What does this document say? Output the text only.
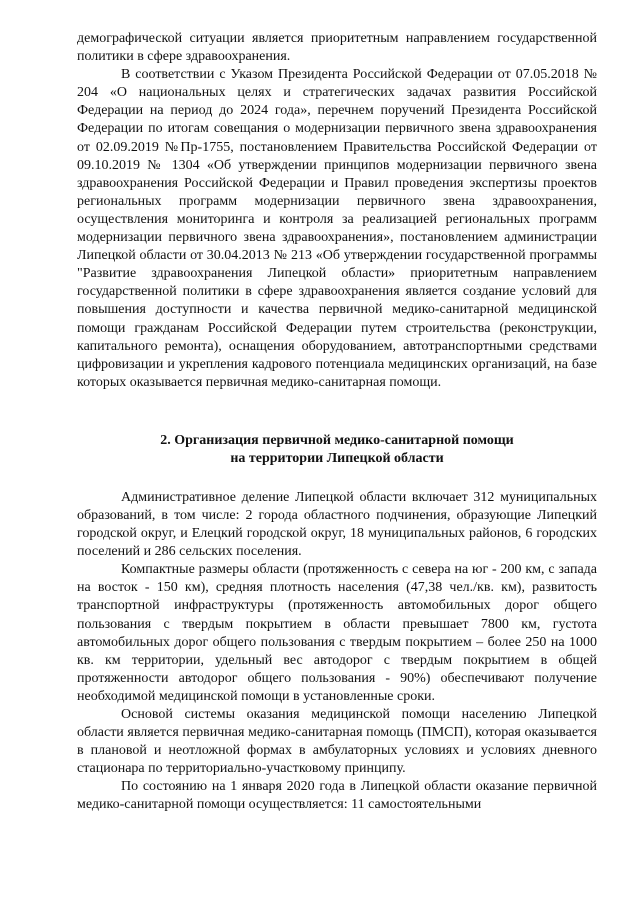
демографической ситуации является приоритетным направлением государственной политики в сфере здравоохранения.

В соответствии с Указом Президента Российской Федерации от 07.05.2018 № 204 «О национальных целях и стратегических задачах развития Российской Федерации на период до 2024 года», перечнем поручений Президента Российской Федерации по итогам совещания о модернизации первичного звена здравоохранения от 02.09.2019 №Пр-1755, постановлением Правительства Российской Федерации от 09.10.2019 № 1304 «Об утверждении принципов модернизации первичного звена здравоохранения Российской Федерации и Правил проведения экспертизы проектов региональных программ модернизации первичного звена здравоохранения, осуществления мониторинга и контроля за реализацией региональных программ модернизации первичного звена здравоохранения», постановлением администрации Липецкой области от 30.04.2013 № 213 «Об утверждении государственной программы "Развитие здравоохранения Липецкой области» приоритетным направлением государственной политики в сфере здравоохранения является создание условий для повышения доступности и качества первичной медико-санитарной медицинской помощи гражданам Российской Федерации путем строительства (реконструкции, капитального ремонта), оснащения оборудованием, автотранспортными средствами цифровизации и укрепления кадрового потенциала медицинских организаций, на базе которых оказывается первичная медико-санитарная помощи.

2. Организация первичной медико-санитарной помощи
на территории Липецкой области

Административное деление Липецкой области включает 312 муниципальных образований, в том числе: 2 города областного подчинения, образующие Липецкий городской округ, и Елецкий городской округ, 18 муниципальных районов, 6 городских поселений и 286 сельских поселения.

Компактные размеры области (протяженность с севера на юг - 200 км, с запада на восток - 150 км), средняя плотность населения (47,38 чел./кв. км), развитость транспортной инфраструктуры (протяженность автомобильных дорог общего пользования с твердым покрытием в области превышает 7800 км, густота автомобильных дорог общего пользования с твердым покрытием – более 250 на 1000 кв. км территории, удельный вес автодорог с твердым покрытием в общей протяженности автодорог общего пользования - 90%) обеспечивают получение необходимой медицинской помощи в установленные сроки.

Основой системы оказания медицинской помощи населению Липецкой области является первичная медико-санитарная помощь (ПМСП), которая оказывается в плановой и неотложной формах в амбулаторных условиях и условиях дневного стационара по территориально-участковому принципу.

По состоянию на 1 января 2020 года в Липецкой области оказание первичной медико-санитарной помощи осуществляется: 11 самостоятельными
